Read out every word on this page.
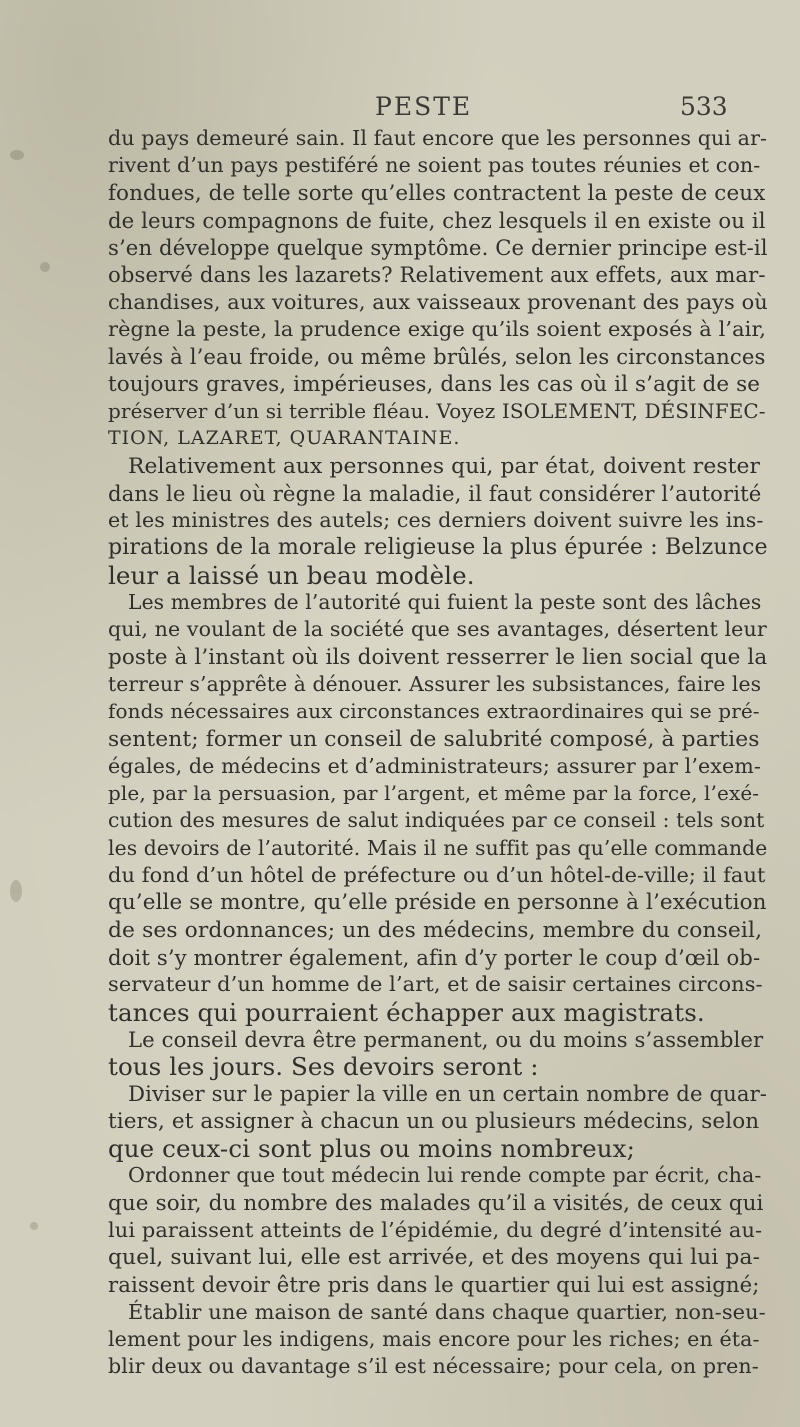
PESTE	533
du pays demeuré sain. Il faut encore que les personnes qui ar-
rivent d’un pays pestiféré ne soient pas toutes réunies et con-
fondues, de telle sorte qu’elles contractent la peste de ceux
de leurs compagnons de fuite, chez lesquels il en existe ou il
s’en développe quelque symptôme. Ce dernier principe est-il
observé dans les lazarets? Relativement aux effets, aux mar-
chandises, aux voitures, aux vaisseaux provenant des pays où
règne la peste, la prudence exige qu’ils soient exposés à l’air,
lavés à l’eau froide, ou même brûlés, selon les circonstances
toujours graves, impérieuses, dans les cas où il s’agit de se
préserver d’un si terrible fléau. Voyez ISOLEMENT, DÉSINFEC-
TION, LAZARET, QUARANTAINE.
Relativement aux personnes qui, par état, doivent rester
dans le lieu où règne la maladie, il faut considérer l’autorité
et les ministres des autels; ces derniers doivent suivre les ins-
pirations de la morale religieuse la plus épurée : Belzunce
leur a laissé un beau modèle.
Les membres de l’autorité qui fuient la peste sont des lâches
qui, ne voulant de la société que ses avantages, désertent leur
poste à l’instant où ils doivent resserrer le lien social que la
terreur s’apprête à dénouer. Assurer les subsistances, faire les
fonds nécessaires aux circonstances extraordinaires qui se pré-
sentent; former un conseil de salubrité composé, à parties
égales, de médecins et d’administrateurs; assurer par l’exem-
ple, par la persuasion, par l’argent, et même par la force, l’exé-
cution des mesures de salut indiquées par ce conseil : tels sont
les devoirs de l’autorité. Mais il ne suffit pas qu’elle commande
du fond d’un hôtel de préfecture ou d’un hôtel-de-ville; il faut
qu’elle se montre, qu’elle préside en personne à l’exécution
de ses ordonnances; un des médecins, membre du conseil,
doit s’y montrer également, afin d’y porter le coup d’œil ob-
servateur d’un homme de l’art, et de saisir certaines circons-
tances qui pourraient échapper aux magistrats.
Le conseil devra être permanent, ou du moins s’assembler
tous les jours. Ses devoirs seront :
Diviser sur le papier la ville en un certain nombre de quar-
tiers, et assigner à chacun un ou plusieurs médecins, selon
que ceux-ci sont plus ou moins nombreux;
Ordonner que tout médecin lui rende compte par écrit, cha-
que soir, du nombre des malades qu’il a visités, de ceux qui
lui paraissent atteints de l’épidémie, du degré d’intensité au-
quel, suivant lui, elle est arrivée, et des moyens qui lui pa-
raissent devoir être pris dans le quartier qui lui est assigné;
Établir une maison de santé dans chaque quartier, non-seu-
lement pour les indigens, mais encore pour les riches; en éta-
blir deux ou davantage s’il est nécessaire; pour cela, on pren-
